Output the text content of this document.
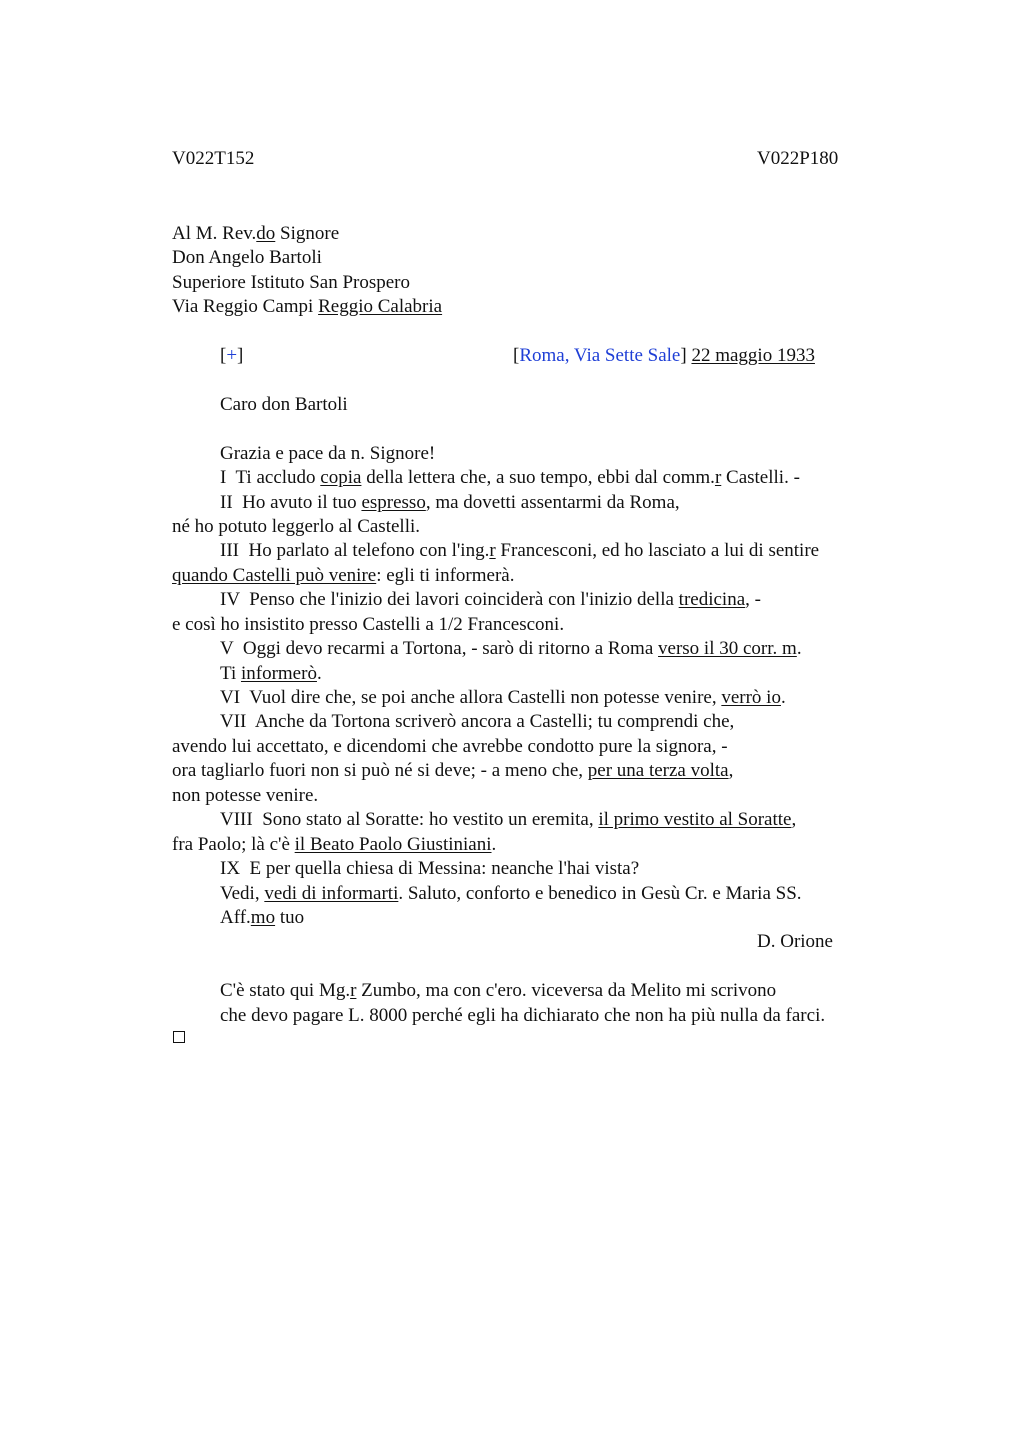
V022T152	V022P180
Al M. Rev.do Signore
Don Angelo Bartoli
Superiore Istituto San Prospero
Via Reggio Campi Reggio Calabria
[+]	[Roma, Via Sette Sale] 22 maggio 1933
Caro don Bartoli
Grazia e pace da n. Signore!
I  Ti accludo copia della lettera che, a suo tempo, ebbi dal comm.r Castelli. -
II  Ho avuto il tuo espresso, ma dovetti assentarmi da Roma,
né ho potuto leggerlo al Castelli.
III  Ho parlato al telefono con l'ing.r Francesconi, ed ho lasciato a lui di sentire
quando Castelli può venire: egli ti informerà.
IV  Penso che l'inizio dei lavori coinciderà con l'inizio della tredicina, -
e così ho insistito presso Castelli a 1/2 Francesconi.
V  Oggi devo recarmi a Tortona, - sarò di ritorno a Roma verso il 30 corr. m.
Ti informerò.
VI  Vuol dire che, se poi anche allora Castelli non potesse venire, verrò io.
VII  Anche da Tortona scriverò ancora a Castelli; tu comprendi che,
avendo lui accettato, e dicendomi che avrebbe condotto pure la signora, -
ora tagliarlo fuori non si può né si deve; - a meno che, per una terza volta,
non potesse venire.
VIII  Sono stato al Soratte: ho vestito un eremita, il primo vestito al Soratte,
fra Paolo; là c'è il Beato Paolo Giustiniani.
IX  E per quella chiesa di Messina: neanche l'hai vista?
Vedi, vedi di informarti. Saluto, conforto e benedico in Gesù Cr. e Maria SS.
Aff.mo tuo
D. Orione
C'è stato qui Mg.r Zumbo, ma con c'ero. viceversa da Melito mi scrivono
che devo pagare L. 8000 perché egli ha dichiarato che non ha più nulla da farci.
